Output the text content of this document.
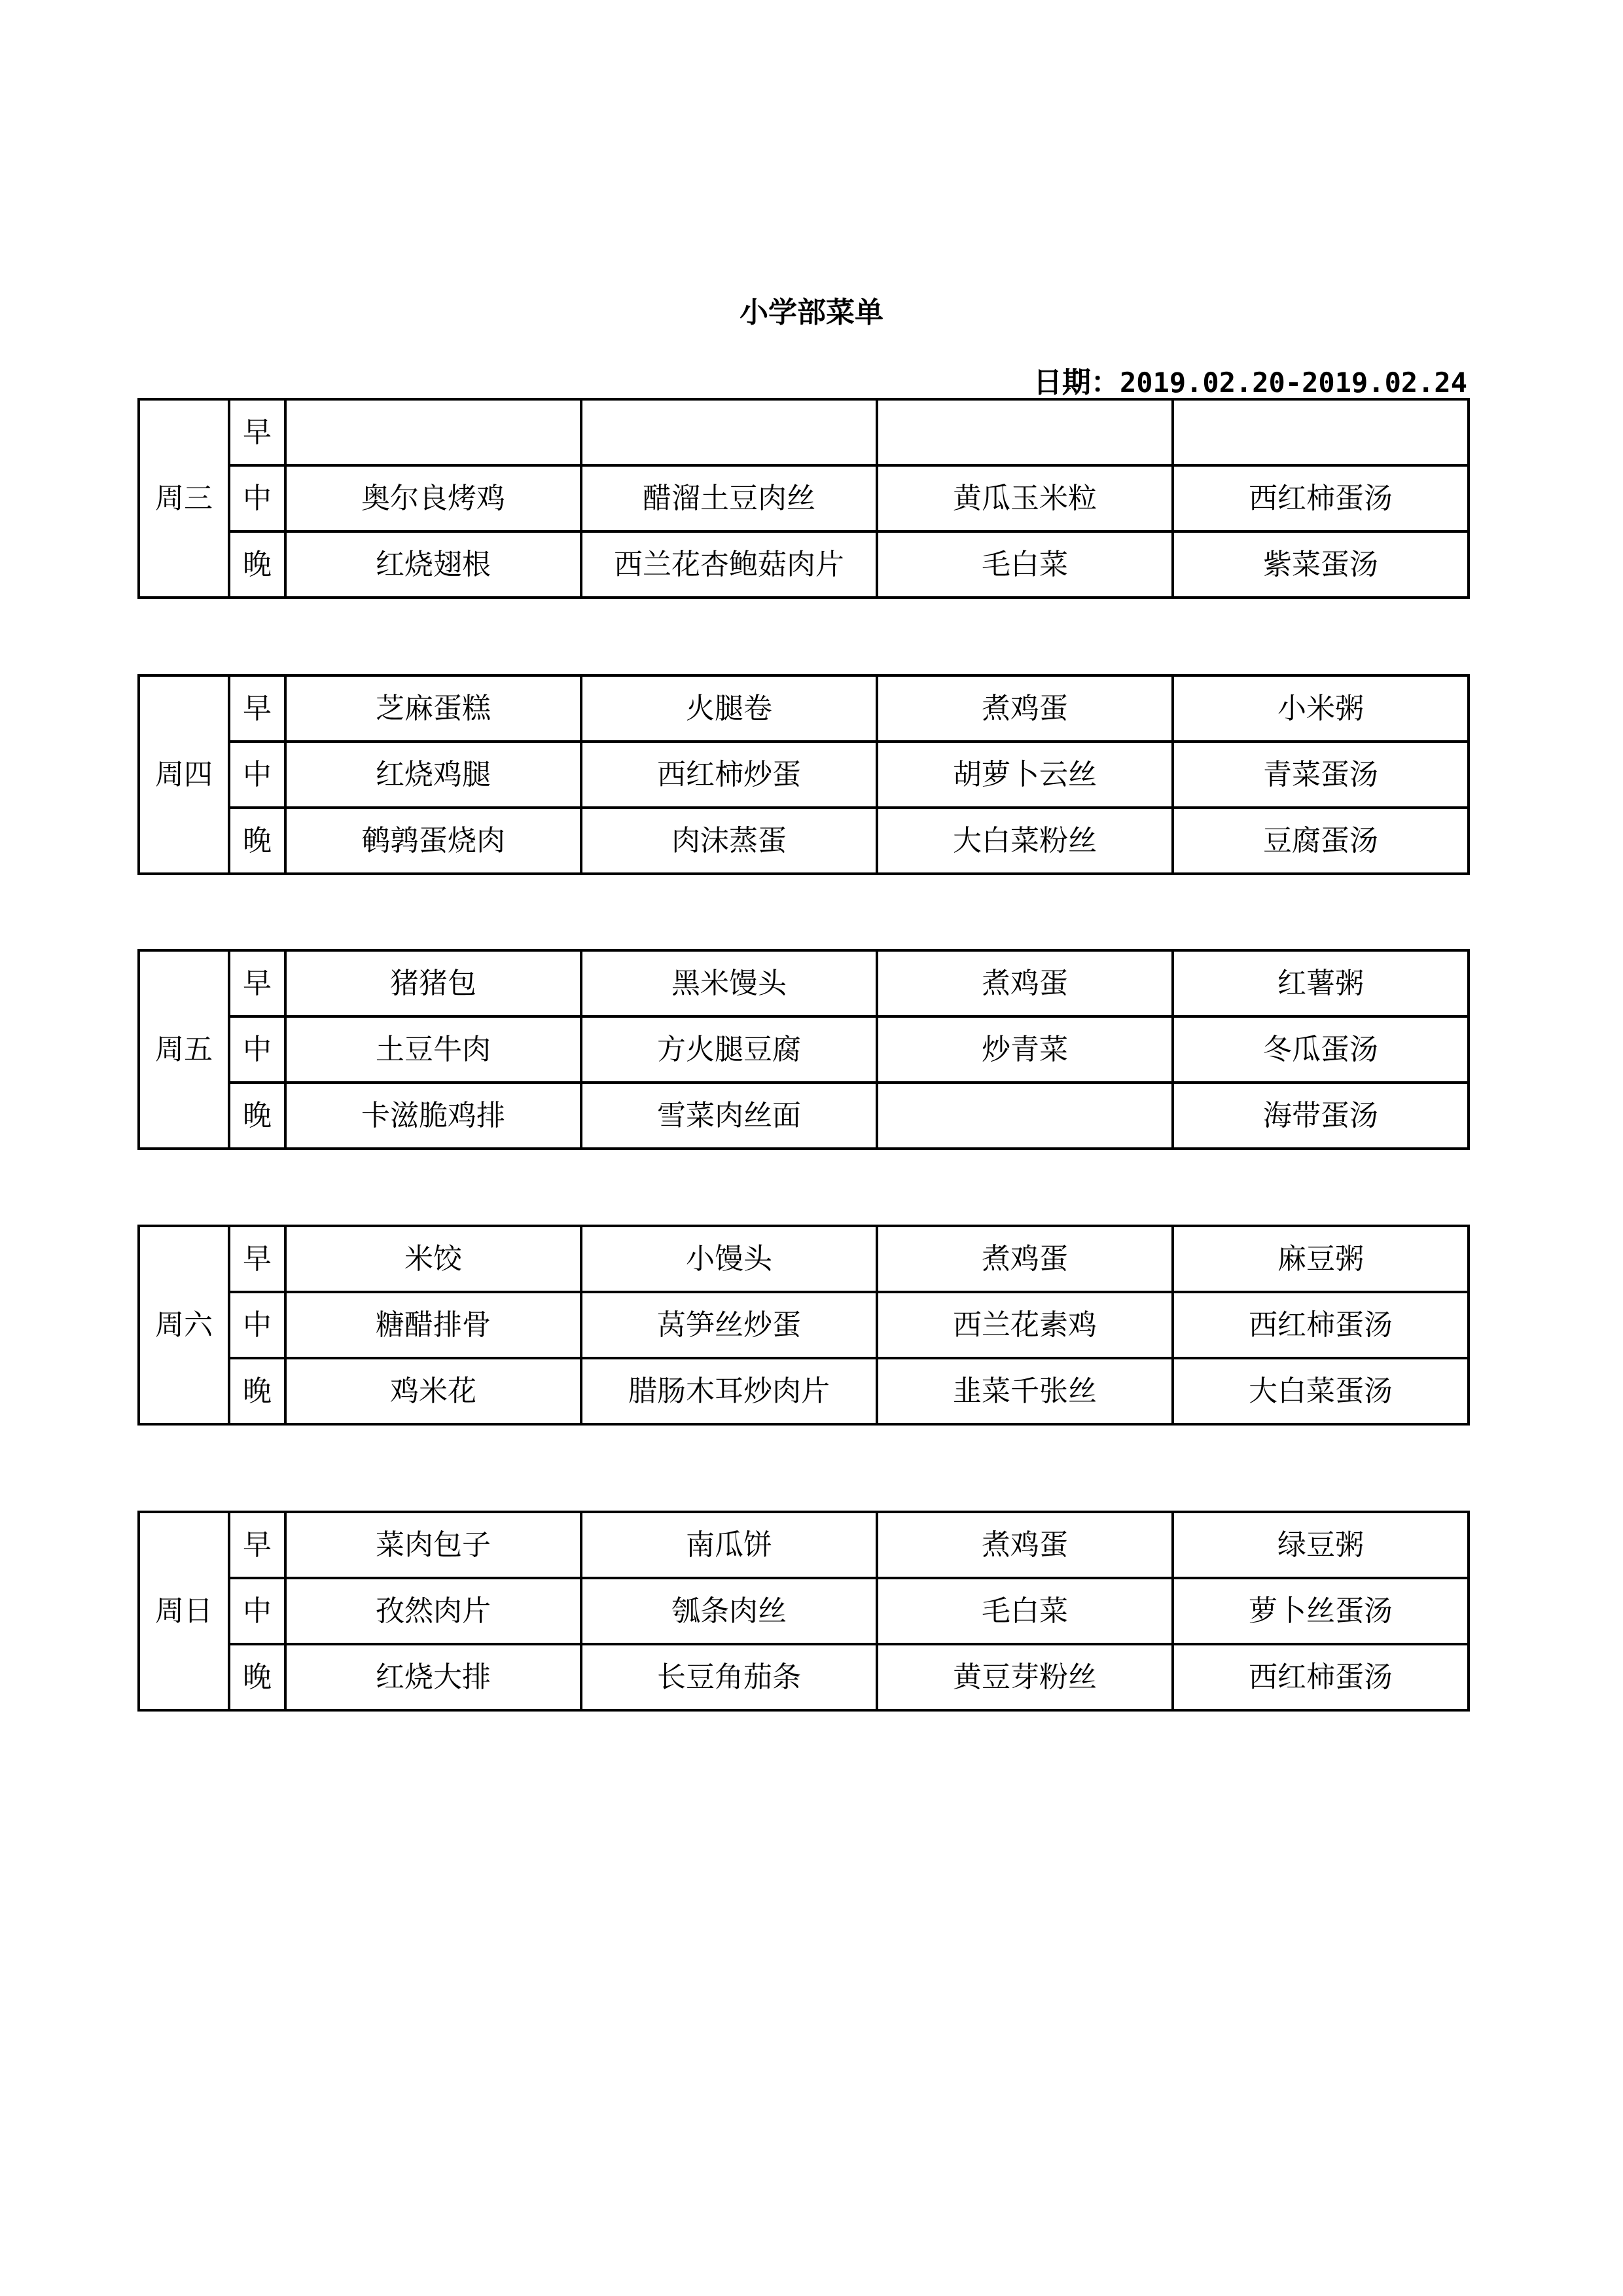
小学部菜单
日期：2019.02.20-2019.02.24
周三	早				
	中	奥尔良烤鸡	醋溜土豆肉丝	黄瓜玉米粒	西红柿蛋汤
	晚	红烧翅根	西兰花杏鲍菇肉片	毛白菜	紫菜蛋汤
周四	早	芝麻蛋糕	火腿卷	煮鸡蛋	小米粥
	中	红烧鸡腿	西红柿炒蛋	胡萝卜云丝	青菜蛋汤
	晚	鹌鹑蛋烧肉	肉沫蒸蛋	大白菜粉丝	豆腐蛋汤
周五	早	猪猪包	黑米馒头	煮鸡蛋	红薯粥
	中	土豆牛肉	方火腿豆腐	炒青菜	冬瓜蛋汤
	晚	卡滋脆鸡排	雪菜肉丝面		海带蛋汤
周六	早	米饺	小馒头	煮鸡蛋	麻豆粥
	中	糖醋排骨	莴笋丝炒蛋	西兰花素鸡	西红柿蛋汤
	晚	鸡米花	腊肠木耳炒肉片	韭菜千张丝	大白菜蛋汤
周日	早	菜肉包子	南瓜饼	煮鸡蛋	绿豆粥
	中	孜然肉片	瓠条肉丝	毛白菜	萝卜丝蛋汤
	晚	红烧大排	长豆角茄条	黄豆芽粉丝	西红柿蛋汤
